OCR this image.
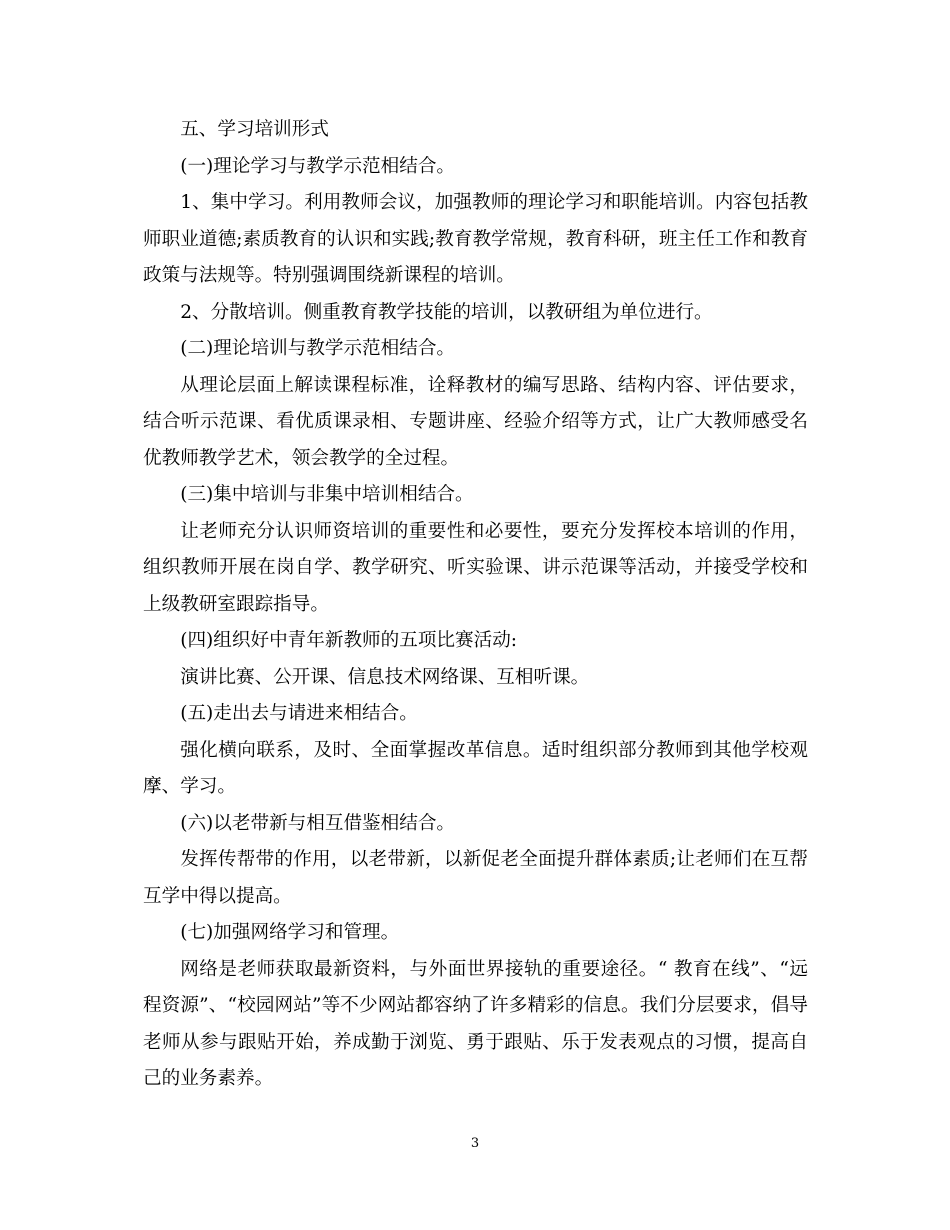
五、学习培训形式

(一)理论学习与教学示范相结合。

1、集中学习。利用教师会议，加强教师的理论学习和职能培训。内容包括教师职业道德;素质教育的认识和实践;教育教学常规，教育科研，班主任工作和教育政策与法规等。特别强调围绕新课程的培训。

2、分散培训。侧重教育教学技能的培训，以教研组为单位进行。

(二)理论培训与教学示范相结合。

从理论层面上解读课程标准，诠释教材的编写思路、结构内容、评估要求，结合听示范课、看优质课录相、专题讲座、经验介绍等方式，让广大教师感受名优教师教学艺术，领会教学的全过程。

(三)集中培训与非集中培训相结合。

让老师充分认识师资培训的重要性和必要性，要充分发挥校本培训的作用，组织教师开展在岗自学、教学研究、听实验课、讲示范课等活动，并接受学校和上级教研室跟踪指导。

(四)组织好中青年新教师的五项比赛活动:

演讲比赛、公开课、信息技术网络课、互相听课。

(五)走出去与请进来相结合。

强化横向联系，及时、全面掌握改革信息。适时组织部分教师到其他学校观摩、学习。

(六)以老带新与相互借鉴相结合。

发挥传帮带的作用，以老带新，以新促老全面提升群体素质;让老师们在互帮互学中得以提高。

(七)加强网络学习和管理。

网络是老师获取最新资料，与外面世界接轨的重要途径。“ 教育在线”、“远程资源”、“校园网站”等不少网站都容纳了许多精彩的信息。我们分层要求，倡导老师从参与跟贴开始，养成勤于浏览、勇于跟贴、乐于发表观点的习惯，提高自己的业务素养。

3
